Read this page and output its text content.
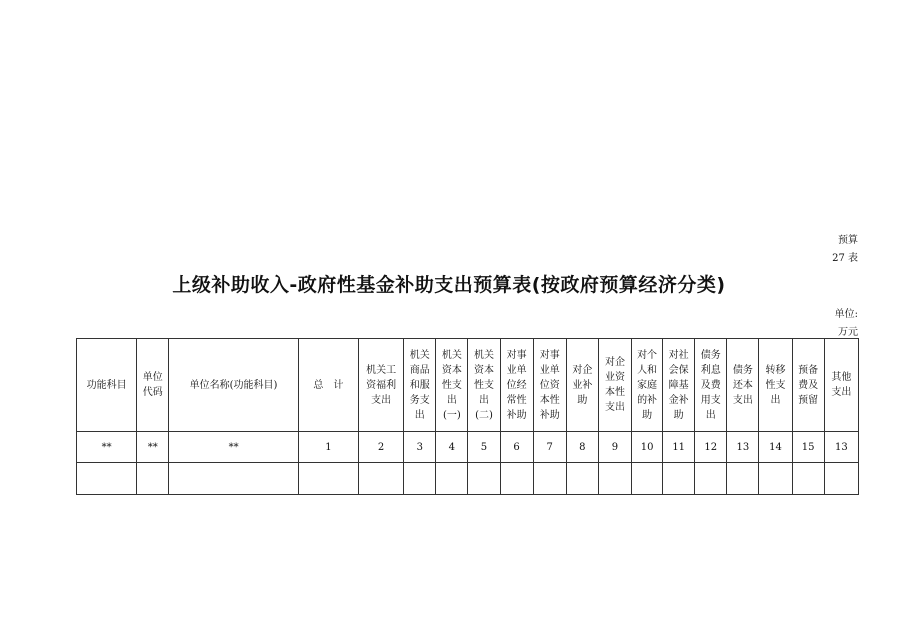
预算
27 表
上级补助收入-政府性基金补助支出预算表(按政府预算经济分类)
单位:
万元
功能科目	单位代码	单位名称(功能科目)	总　计	机关工资福利支出	机关商品和服务支出	机关资本性支出(一)	机关资本性支出(二)	对事业单位经常性补助	对事业单位资本性补助	对企业补助	对企业资本性支出	对个人和家庭的补助	对社会保障基金补助	债务利息及费用支出	债务还本支出	转移性支出	预备费及预留	其他支出
**	**	**	1	2	3	4	5	6	7	8	9	10	11	12	13	14	15	13
